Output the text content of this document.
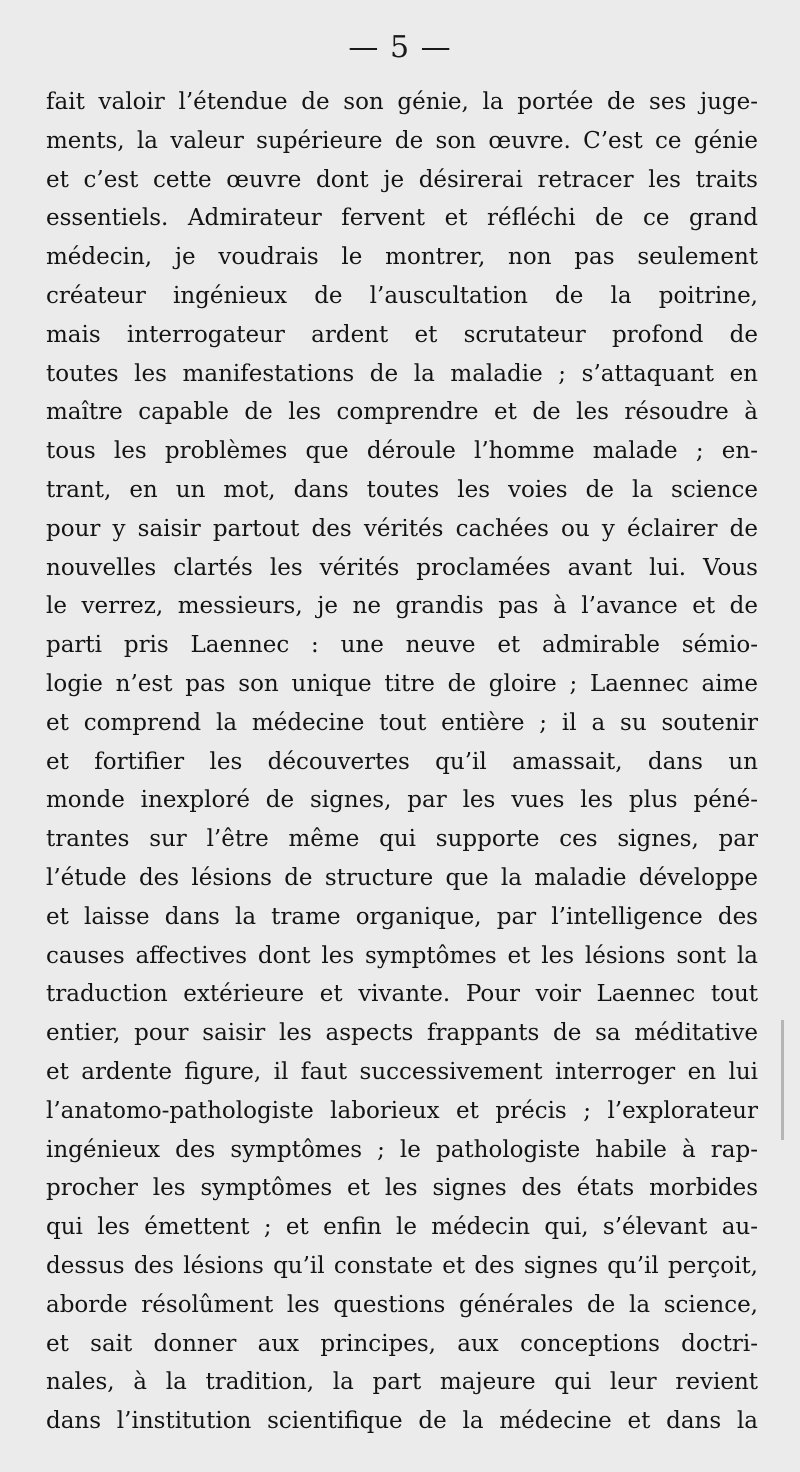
— 5 —
fait valoir l’étendue de son génie, la portée de ses juge-
ments, la valeur supérieure de son œuvre. C’est ce génie
et c’est cette œuvre dont je désirerai retracer les traits
essentiels. Admirateur fervent et réfléchi de ce grand
médecin, je voudrais le montrer, non pas seulement
créateur ingénieux de l’auscultation de la poitrine,
mais interrogateur ardent et scrutateur profond de
toutes les manifestations de la maladie ; s’attaquant en
maître capable de les comprendre et de les résoudre à
tous les problèmes que déroule l’homme malade ; en-
trant, en un mot, dans toutes les voies de la science
pour y saisir partout des vérités cachées ou y éclairer de
nouvelles clartés les vérités proclamées avant lui. Vous
le verrez, messieurs, je ne grandis pas à l’avance et de
parti pris Laennec : une neuve et admirable sémio-
logie n’est pas son unique titre de gloire ; Laennec aime
et comprend la médecine tout entière ; il a su soutenir
et fortifier les découvertes qu’il amassait, dans un
monde inexploré de signes, par les vues les plus péné-
trantes sur l’être même qui supporte ces signes, par
l’étude des lésions de structure que la maladie développe
et laisse dans la trame organique, par l’intelligence des
causes affectives dont les symptômes et les lésions sont la
traduction extérieure et vivante. Pour voir Laennec tout
entier, pour saisir les aspects frappants de sa méditative
et ardente figure, il faut successivement interroger en lui
l’anatomo-pathologiste laborieux et précis ; l’explorateur
ingénieux des symptômes ; le pathologiste habile à rap-
procher les symptômes et les signes des états morbides
qui les émettent ; et enfin le médecin qui, s’élevant au-
dessus des lésions qu’il constate et des signes qu’il perçoit,
aborde résolûment les questions générales de la science,
et sait donner aux principes, aux conceptions doctri-
nales, à la tradition, la part majeure qui leur revient
dans l’institution scientifique de la médecine et dans la
